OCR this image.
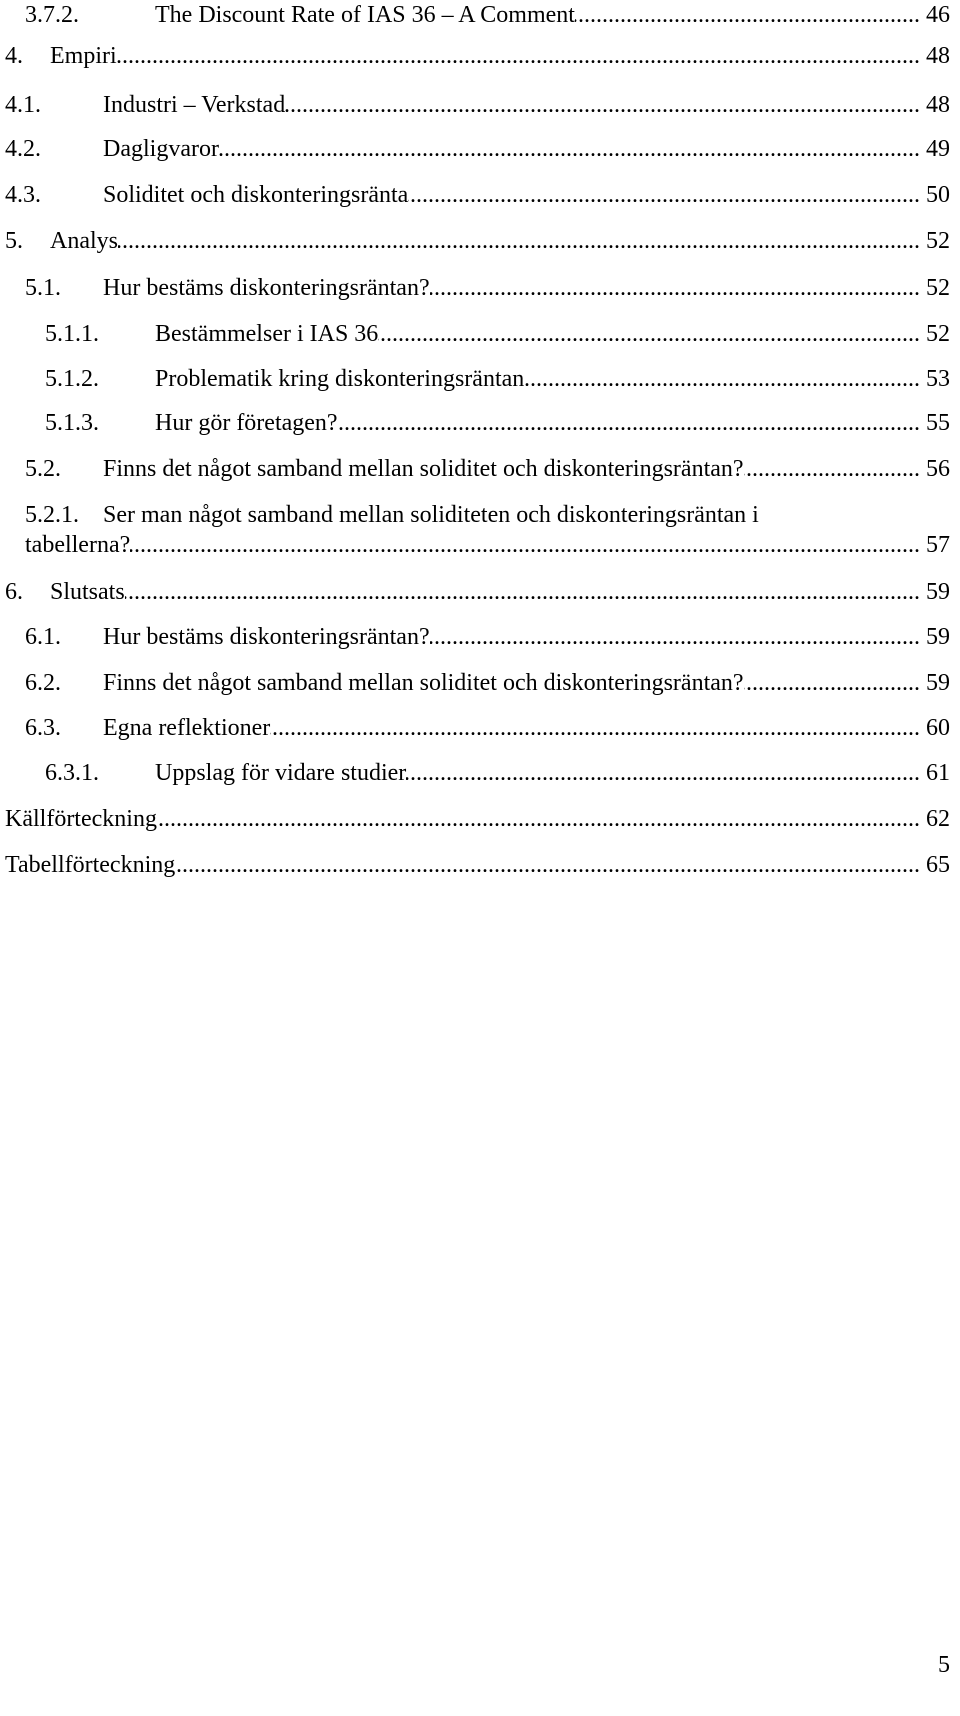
3.7.2.	The Discount Rate of IAS 36 – A Comment .....	46
4. Empiri .....	48
4.1.	Industri – Verkstad .....	48
4.2.	Dagligvaror .....	49
4.3.	Soliditet och diskonteringsränta .....	50
5. Analys .....	52
5.1. Hur bestäms diskonteringsräntan? .....	52
5.1.1. Bestämmelser i IAS 36 .....	52
5.1.2. Problematik kring diskonteringsräntan .....	53
5.1.3. Hur gör företagen? .....	55
5.2. Finns det något samband mellan soliditet och diskonteringsräntan? .....	56
5.2.1. Ser man något samband mellan soliditeten och diskonteringsräntan i
tabellerna? .....	57
6. Slutsats .....	59
6.1. Hur bestäms diskonteringsräntan? .....	59
6.2. Finns det något samband mellan soliditet och diskonteringsräntan? .....	59
6.3. Egna reflektioner .....	60
6.3.1. Uppslag för vidare studier .....	61
Källförteckning .....	62
Tabellförteckning .....	65
5
